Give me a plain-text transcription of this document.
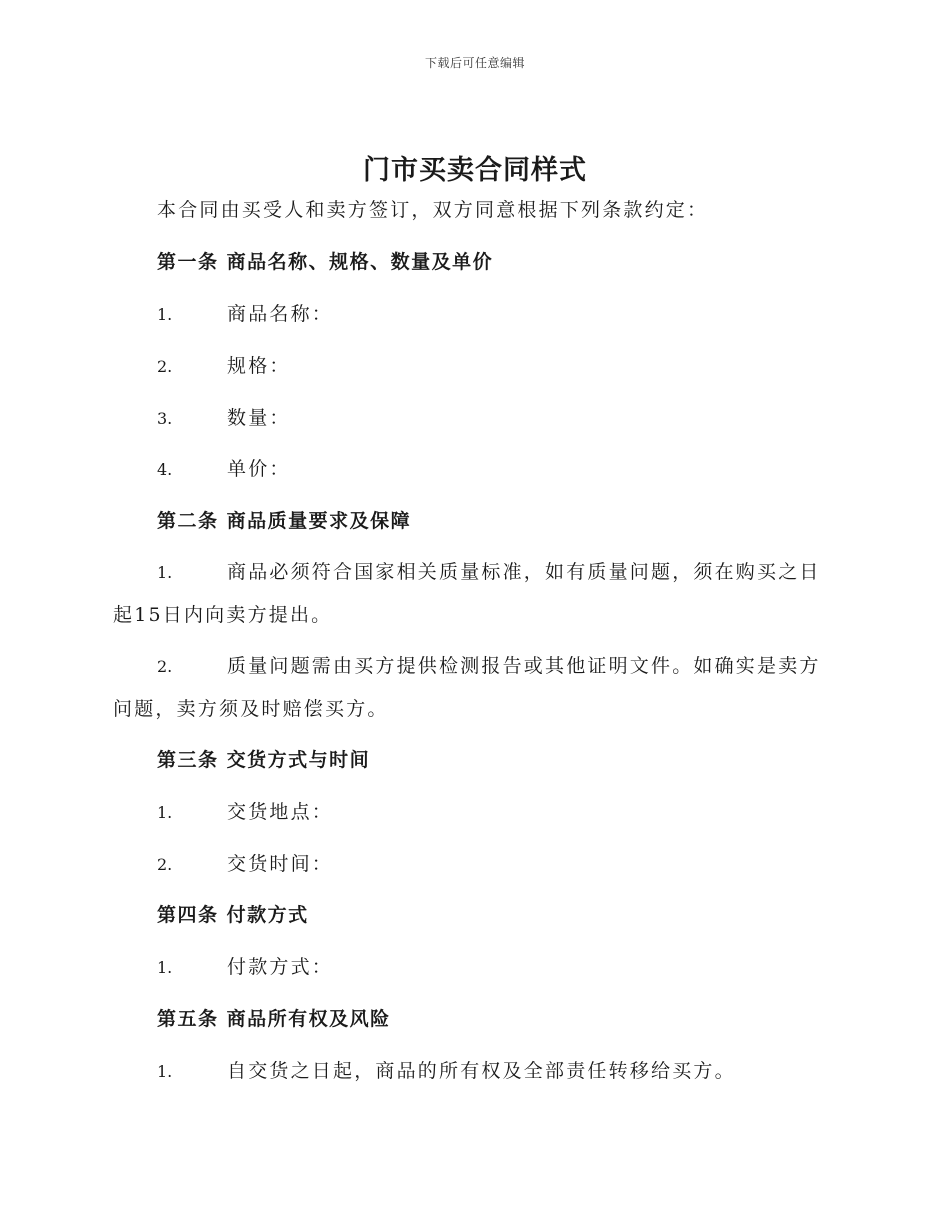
下载后可任意编辑
门市买卖合同样式
本合同由买受人和卖方签订，双方同意根据下列条款约定：
第一条 商品名称、规格、数量及单价
1.	商品名称：
2.	规格：
3.	数量：
4.	单价：
第二条 商品质量要求及保障
1.	商品必须符合国家相关质量标准，如有质量问题，须在购买之日
起15日内向卖方提出。
2.	质量问题需由买方提供检测报告或其他证明文件。如确实是卖方
问题，卖方须及时赔偿买方。
第三条 交货方式与时间
1.	交货地点：
2.	交货时间：
第四条 付款方式
1.	付款方式：
第五条 商品所有权及风险
1.	自交货之日起，商品的所有权及全部责任转移给买方。
